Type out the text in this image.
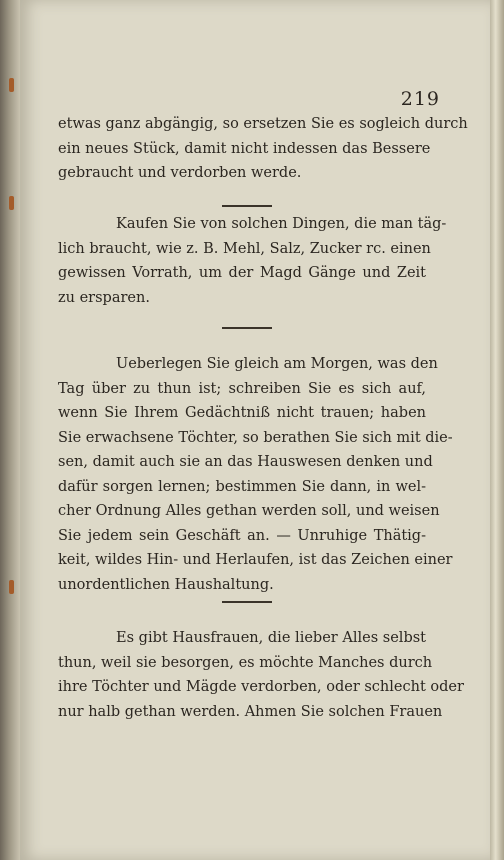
219
etwas ganz abgängig, so ersetzen Sie es sogleich durch
ein neues Stück, damit nicht indessen das Bessere
gebraucht und verdorben werde.
Kaufen Sie von solchen Dingen, die man täg-
lich braucht, wie z. B. Mehl, Salz, Zucker rc. einen
gewissen Vorrath, um der Magd Gänge und Zeit
zu ersparen.
Ueberlegen Sie gleich am Morgen, was den
Tag über zu thun ist; schreiben Sie es sich auf,
wenn Sie Ihrem Gedächtniß nicht trauen; haben
Sie erwachsene Töchter, so berathen Sie sich mit die-
sen, damit auch sie an das Hauswesen denken und
dafür sorgen lernen; bestimmen Sie dann, in wel-
cher Ordnung Alles gethan werden soll, und weisen
Sie jedem sein Geschäft an. — Unruhige Thätig-
keit, wildes Hin- und Herlaufen, ist das Zeichen einer
unordentlichen Haushaltung.
Es gibt Hausfrauen, die lieber Alles selbst
thun, weil sie besorgen, es möchte Manches durch
ihre Töchter und Mägde verdorben, oder schlecht oder
nur halb gethan werden. Ahmen Sie solchen Frauen
